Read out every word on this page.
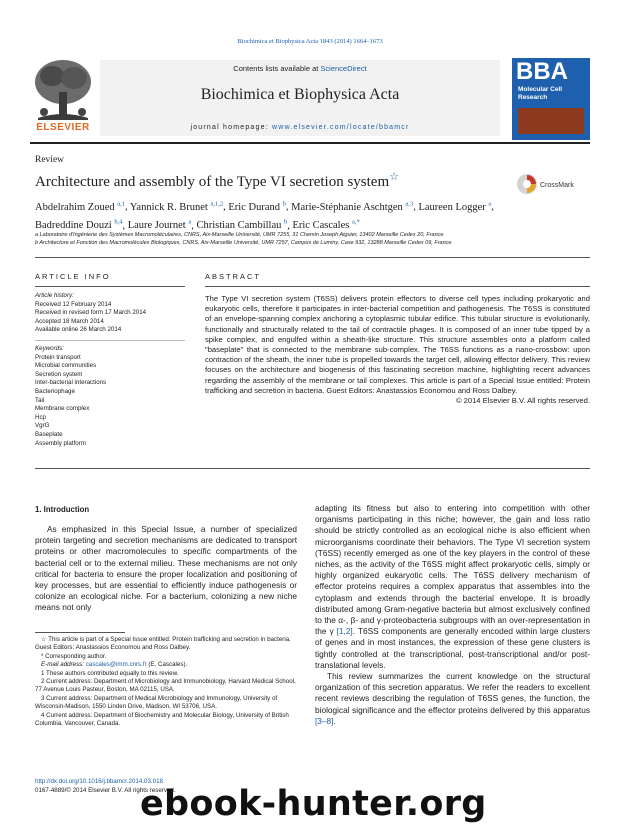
Biochimica et Biophysica Acta 1843 (2014) 1664–1673
Contents lists available at ScienceDirect
Biochimica et Biophysica Acta
journal homepage: www.elsevier.com/locate/bbamcr
ELSEVIER
BBA
Molecular Cell Research
Review
Architecture and assembly of the Type VI secretion system☆
CrossMark
Abdelrahim Zoued $^{a,1}$, Yannick R. Brunet $^{a,1,2}$, Eric Durand $^b$, Marie-Stéphanie Aschtgen $^{a,3}$, Laureen Logger $^a$,
Badreddine Douzi $^{b,4}$, Laure Journet $^a$, Christian Cambillau $^b$, Eric Cascales $^{a,*}$
a Laboratoire d'Ingénierie des Systèmes Macromoléculaires, CNRS, Aix-Marseille Université, UMR 7255, 31 Chemin Joseph Aiguier, 13402 Marseille Cedex 20, France
b Architecture et Fonction des Macromolécules Biologiques, CNRS, Aix-Marseille Université, UMR 7257, Campus de Luminy, Case 932, 13288 Marseille Cedex 09, France
ARTICLE INFO	ABSTRACT
Article history:
Received 12 February 2014
Received in revised form 17 March 2014
Accepted 18 March 2014
Available online 26 March 2014
Keywords:
Protein transport
Microbial communities
Secretion system
Inter-bacterial interactions
Bacteriophage
Tail
Membrane complex
Hcp
VgrG
Baseplate
Assembly platform
The Type VI secretion system (T6SS) delivers protein effectors to diverse cell types including prokaryotic and eukaryotic cells, therefore it participates in inter-bacterial competition and pathogenesis. The T6SS is constituted of an envelope-spanning complex anchoring a cytoplasmic tubular edifice. This tubular structure is evolutionarily, functionally and structurally related to the tail of contractile phages. It is composed of an inner tube tipped by a spike complex, and engulfed within a sheath-like structure. This structure assembles onto a platform called "baseplate" that is connected to the membrane sub-complex. The T6SS functions as a nano-crossbow: upon contraction of the sheath, the inner tube is propelled towards the target cell, allowing effector delivery. This review focuses on the architecture and biogenesis of this fascinating secretion machine, highlighting recent advances regarding the assembly of the membrane or tail complexes. This article is part of a Special Issue entitled: Protein trafficking and secretion in bacteria. Guest Editors: Anastassios Economou and Ross Dalbey.
© 2014 Elsevier B.V. All rights reserved.
1. Introduction

As emphasized in this Special Issue, a number of specialized protein targeting and secretion mechanisms are dedicated to transport proteins or other macromolecules to specific compartments of the bacterial cell or to the external milieu. These mechanisms are not only critical for bacteria to ensure the proper localization and positioning of key processes, but are essential to efficiently induce pathogenesis or colonize an ecological niche. For a bacterium, colonizing a new niche means not only

adapting its fitness but also to entering into competition with other organisms participating in this niche; however, the gain and loss ratio should be strictly controlled as an ecological niche is also efficient when microorganisms coordinate their behaviors. The Type VI secretion system (T6SS) recently emerged as one of the key players in the control of these niches, as the activity of the T6SS might affect prokaryotic cells, simply or highly organized eukaryotic cells. The T6SS delivery mechanism of effector proteins requires a complex apparatus that assembles into the cytoplasm and extends through the bacterial envelope. It is broadly distributed among Gram-negative bacteria but almost exclusively confined to the α-, β- and γ-proteobacteria subgroups with an over-representation in the γ [1,2]. T6SS components are generally encoded within large clusters of genes and in most instances, the expression of these gene clusters is tightly controlled at the transcriptional, post-transcriptional and/or post-translational levels.

This review summarizes the current knowledge on the structural organization of this secretion apparatus. We refer the readers to excellent recent reviews describing the regulation of T6SS genes, the function, the biological significance and the effector proteins delivered by this apparatus [3–8].

☆ This article is part of a Special Issue entitled: Protein trafficking and secretion in bacteria. Guest Editors: Anastassios Economou and Ross Dalbey.
* Corresponding author.
E-mail address: cascales@imm.cnrs.fr (E. Cascales).
1 These authors contributed equally to this review.
2 Current address: Department of Microbiology and Immunobiology, Harvard Medical School, 77 Avenue Louis Pasteur, Boston, MA 02115, USA.
3 Current address: Department of Medical Microbiology and Immunology, University of Wisconsin-Madison, 1550 Linden Drive, Madison, WI 53706, USA.
4 Current address: Department of Biochemistry and Molecular Biology, University of British Columbia, Vancouver, Canada.
http://dx.doi.org/10.1016/j.bbamcr.2014.03.018
0167-4889/© 2014 Elsevier B.V. All rights reserved.
ebook-hunter.org
